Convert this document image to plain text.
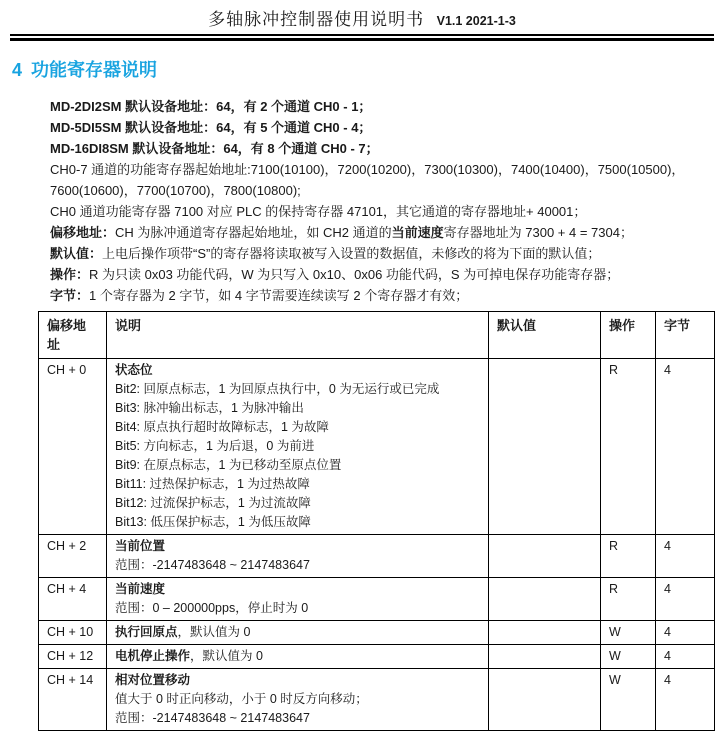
多轴脉冲控制器使用说明书 V1.1 2021-1-3
4 功能寄存器说明

MD-2DI2SM 默认设备地址：64，有 2 个通道 CH0 - 1；

MD-5DI5SM 默认设备地址：64，有 5 个通道 CH0 - 4；

MD-16DI8SM 默认设备地址：64，有 8 个通道 CH0 - 7；

CH0-7 通道的功能寄存器起始地址:7100(10100)，7200(10200)，7300(10300)，7400(10400)，7500(10500)，7600(10600)，7700(10700)，7800(10800);

CH0 通道功能寄存器 7100 对应 PLC 的保持寄存器 47101，其它通道的寄存器地址+ 40001；

偏移地址：CH 为脉冲通道寄存器起始地址，如 CH2 通道的当前速度寄存器地址为 7300 + 4 = 7304；

默认值：上电后操作项带“S”的寄存器将读取被写入设置的数据值，未修改的将为下面的默认值；

操作：R 为只读 0x03 功能代码，W 为只写入 0x10、0x06 功能代码，S 为可掉电保存功能寄存器；

字节：1 个寄存器为 2 字节，如 4 字节需要连续读写 2 个寄存器才有效；

偏移地址	说明	默认值	操作	字节
CH + 0	状态位
Bit2: 回原点标志，1 为回原点执行中，0 为无运行或已完成
Bit3: 脉冲输出标志，1 为脉冲输出
Bit4: 原点执行超时故障标志，1 为故障
Bit5: 方向标志，1 为后退，0 为前进
Bit9: 在原点标志，1 为已移动至原点位置
Bit11: 过热保护标志，1 为过热故障
Bit12: 过流保护标志，1 为过流故障
Bit13: 低压保护标志，1 为低压故障
		R	4
CH + 2	当前位置
范围：-2147483648 ~ 2147483647		R	4
CH + 4	当前速度
范围：0 – 200000pps，停止时为 0		R	4
CH + 10	执行回原点，默认值为 0		W	4
CH + 12	电机停止操作，默认值为 0		W	4
CH + 14	相对位置移动
值大于 0 时正向移动，小于 0 时反方向移动；
范围：-2147483648 ~ 2147483647		W	4
